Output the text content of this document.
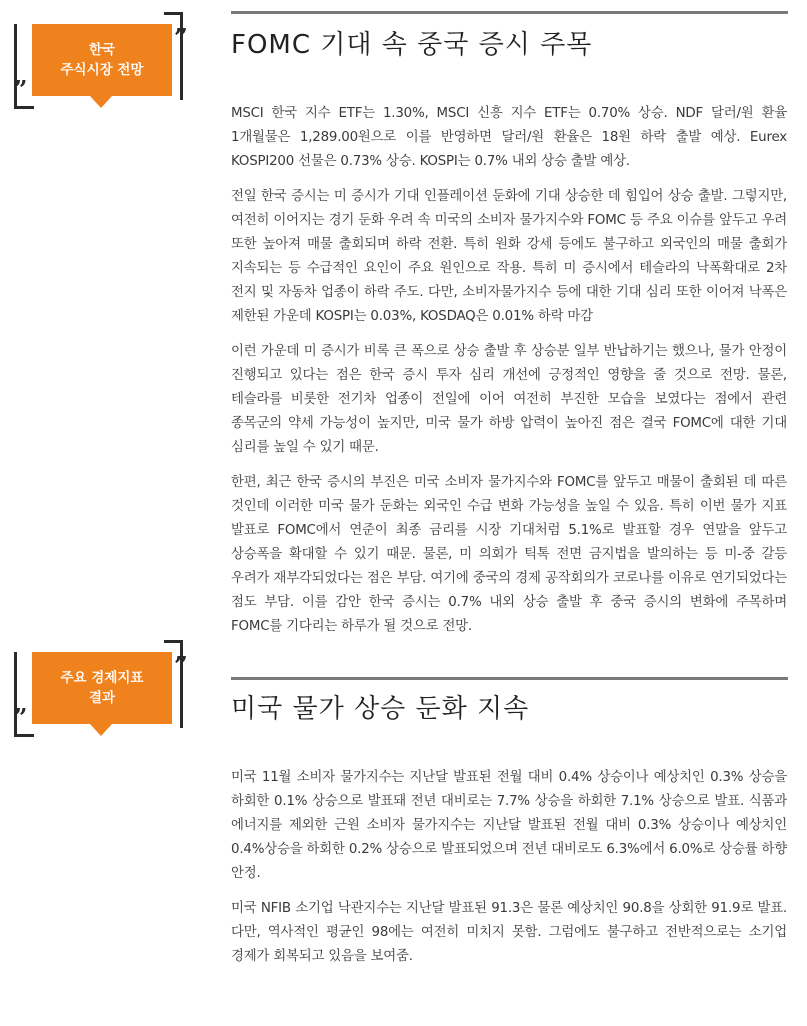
한국
주식시장 전망
”
„
FOMC 기대 속 중국 증시 주목

MSCI 한국 지수 ETF는 1.30%, MSCI 신흥 지수 ETF는 0.70% 상승. NDF 달러/원 환율 1개월물은 1,289.00원으로 이를 반영하면 달러/원 환율은 18원 하락 출발 예상. Eurex KOSPI200 선물은 0.73% 상승. KOSPI는 0.7% 내외 상승 출발 예상.

전일 한국 증시는 미 증시가 기대 인플레이션 둔화에 기대 상승한 데 힘입어 상승 출발. 그렇지만, 여전히 이어지는 경기 둔화 우려 속 미국의 소비자 물가지수와 FOMC 등 주요 이슈를 앞두고 우려 또한 높아져 매물 출회되며 하락 전환. 특히 원화 강세 등에도 불구하고 외국인의 매물 출회가 지속되는 등 수급적인 요인이 주요 원인으로 작용. 특히 미 증시에서 테슬라의 낙폭확대로 2차 전지 및 자동차 업종이 하락 주도. 다만, 소비자물가지수 등에 대한 기대 심리 또한 이어져 낙폭은 제한된 가운데 KOSPI는 0.03%, KOSDAQ은 0.01% 하락 마감

이런 가운데 미 증시가 비록 큰 폭으로 상승 출발 후 상승분 일부 반납하기는 했으나, 물가 안정이 진행되고 있다는 점은 한국 증시 투자 심리 개선에 긍정적인 영향을 줄 것으로 전망. 물론, 테슬라를 비롯한 전기차 업종이 전일에 이어 여전히 부진한 모습을 보였다는 점에서 관련 종목군의 약세 가능성이 높지만, 미국 물가 하방 압력이 높아진 점은 결국 FOMC에 대한 기대 심리를 높일 수 있기 때문.

한편, 최근 한국 증시의 부진은 미국 소비자 물가지수와 FOMC를 앞두고 매물이 출회된 데 따른 것인데 이러한 미국 물가 둔화는 외국인 수급 변화 가능성을 높일 수 있음. 특히 이번 물가 지표 발표로 FOMC에서 연준이 최종 금리를 시장 기대처럼 5.1%로 발표할 경우 연말을 앞두고 상승폭을 확대할 수 있기 때문. 물론, 미 의회가 틱톡 전면 금지법을 발의하는 등 미-중 갈등 우려가 재부각되었다는 점은 부담. 여기에 중국의 경제 공작회의가 코로나를 이유로 연기되었다는 점도 부담. 이를 감안 한국 증시는 0.7% 내외 상승 출발 후 중국 증시의 변화에 주목하며 FOMC를 기다리는 하루가 될 것으로 전망.

주요 경제지표
결과
”
„	미국 물가 상승 둔화 지속

미국 11월 소비자 물가지수는 지난달 발표된 전월 대비 0.4% 상승이나 예상치인 0.3% 상승을 하회한 0.1% 상승으로 발표돼 전년 대비로는 7.7% 상승을 하회한 7.1% 상승으로 발표. 식품과 에너지를 제외한 근원 소비자 물가지수는 지난달 발표된 전월 대비 0.3% 상승이나 예상치인 0.4%상승을 하회한 0.2% 상승으로 발표되었으며 전년 대비로도 6.3%에서 6.0%로 상승률 하향 안정.

미국 NFIB 소기업 낙관지수는 지난달 발표된 91.3은 물론 예상치인 90.8을 상회한 91.9로 발표. 다만, 역사적인 평균인 98에는 여전히 미치지 못함. 그럼에도 불구하고 전반적으로는 소기업 경제가 회복되고 있음을 보여줌.
